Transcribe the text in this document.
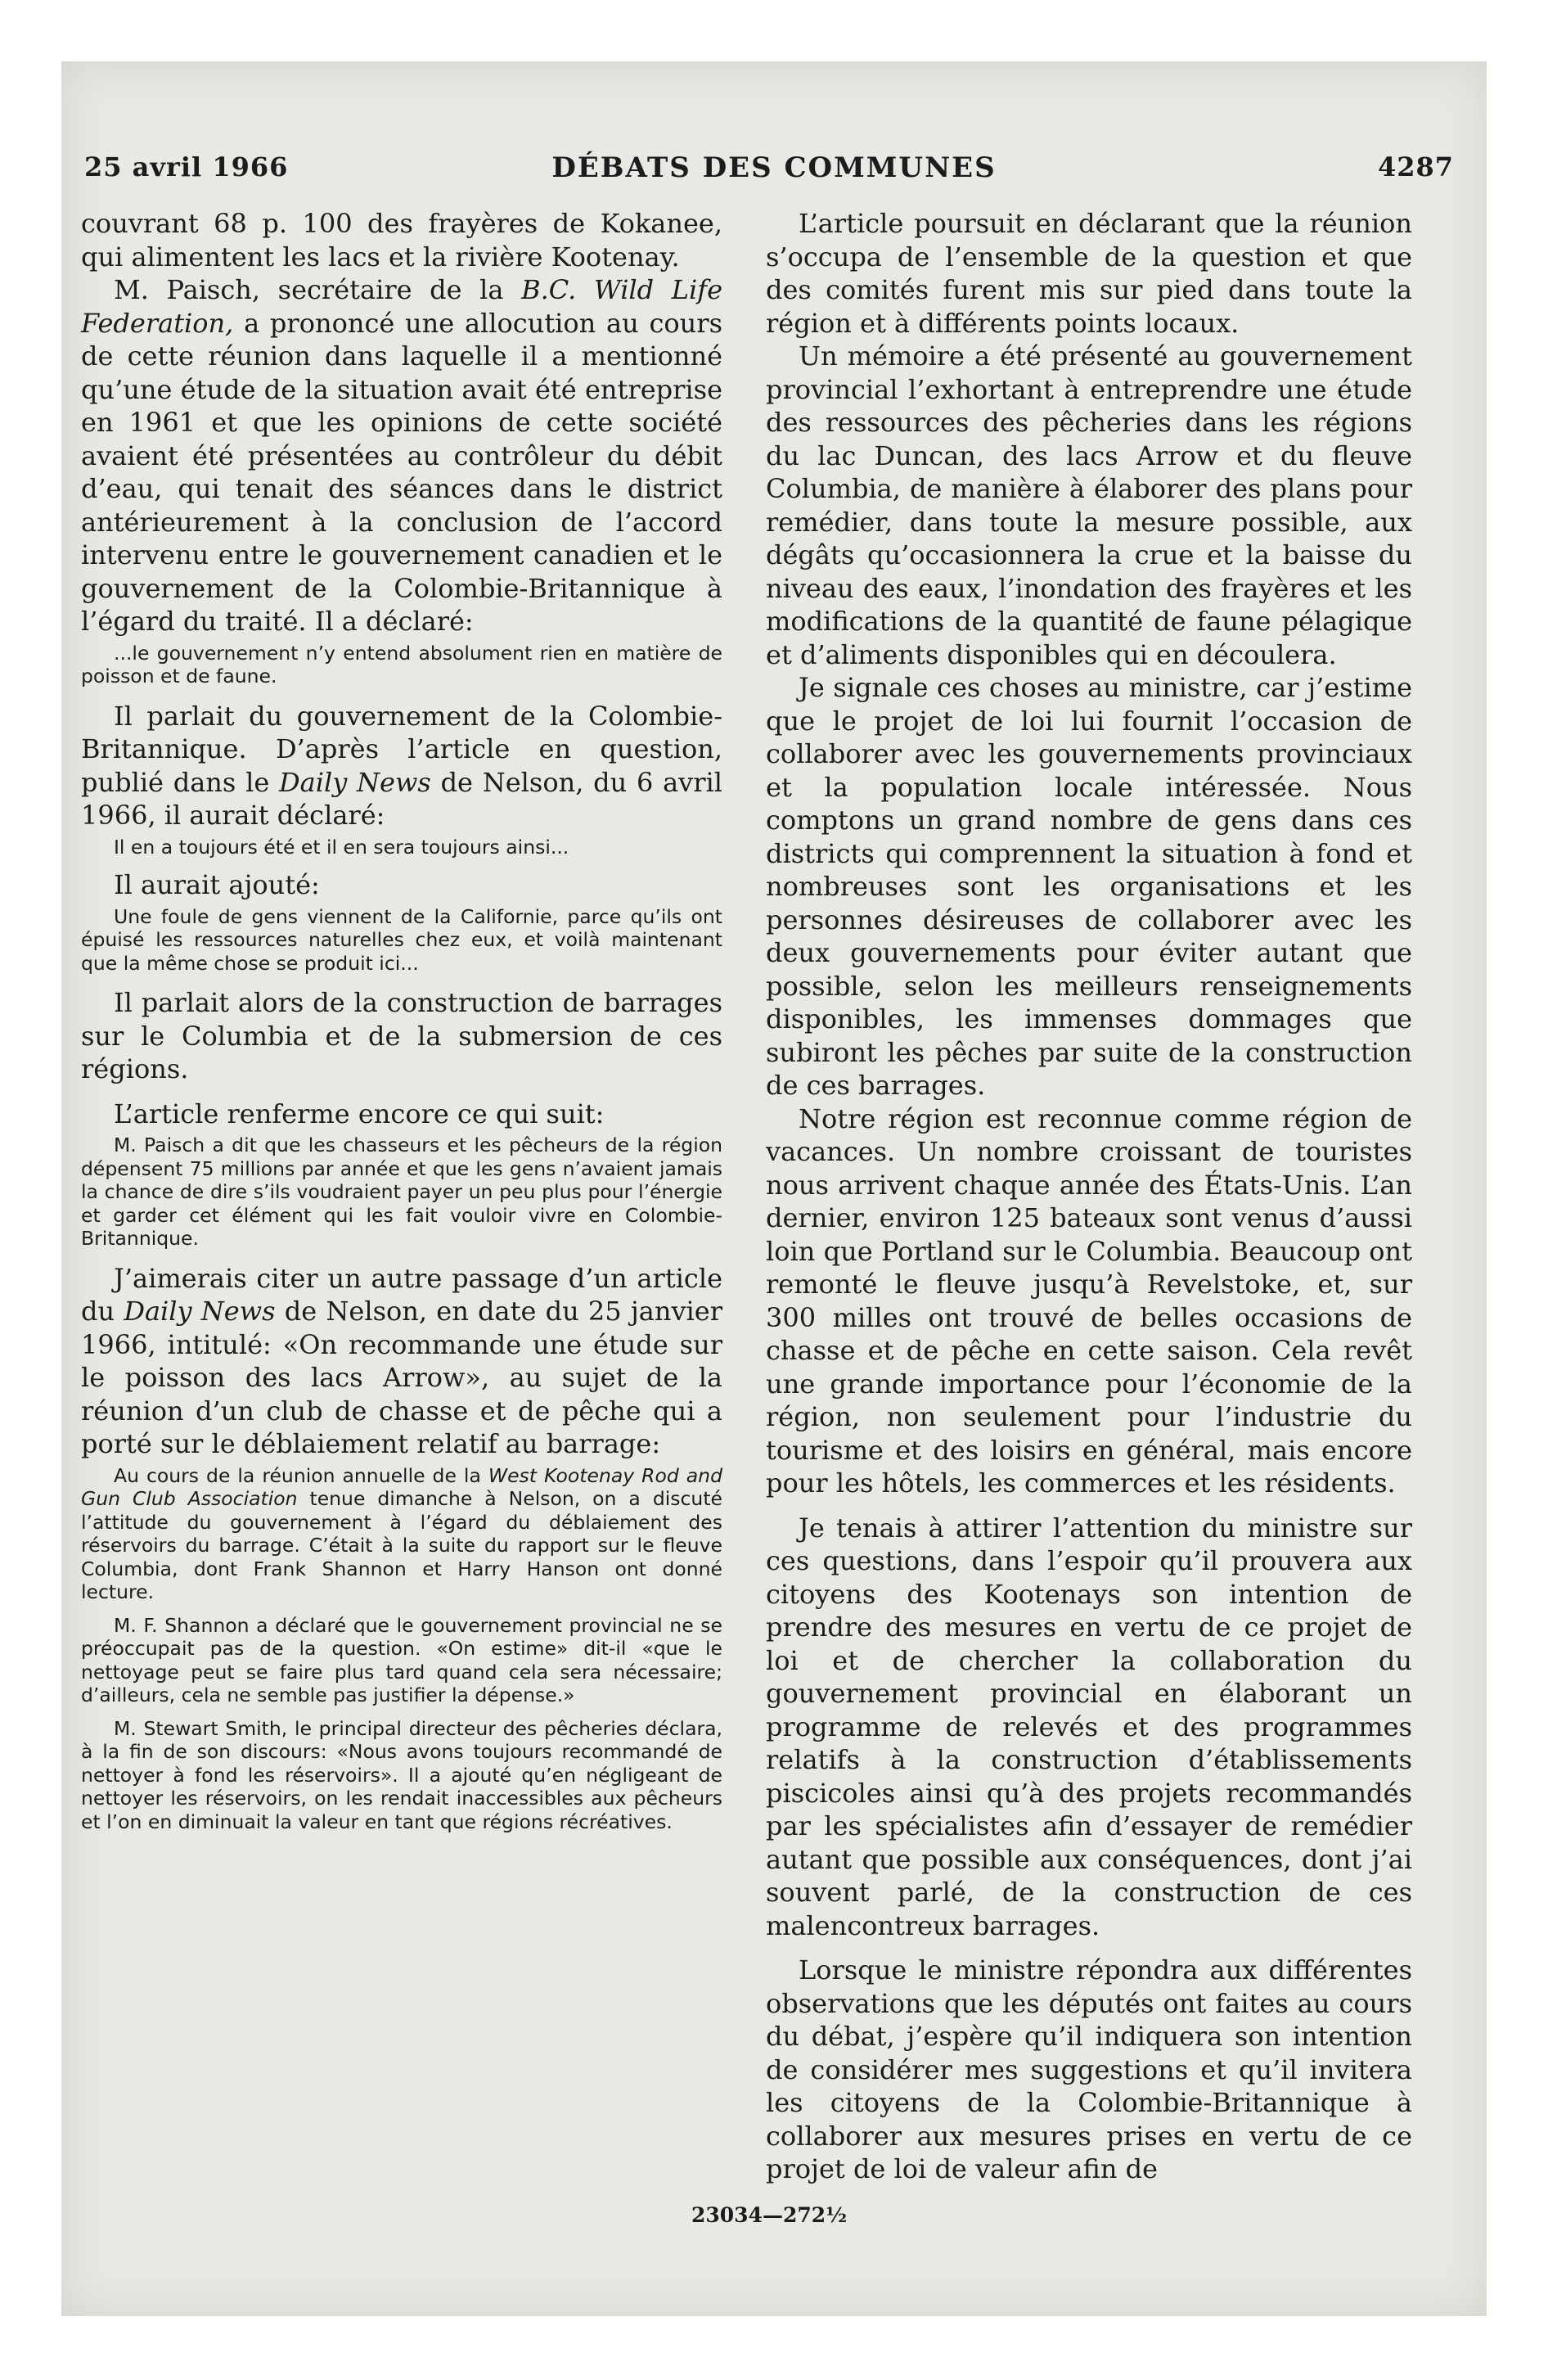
25 avril 1966	DÉBATS DES COMMUNES	4287

couvrant 68 p. 100 des frayères de Kokanee, qui alimentent les lacs et la rivière Kootenay.

M. Paisch, secrétaire de la B.C. Wild Life Federation, a prononcé une allocution au cours de cette réunion dans laquelle il a mentionné qu’une étude de la situation avait été entreprise en 1961 et que les opinions de cette société avaient été présentées au contrôleur du débit d’eau, qui tenait des séances dans le district antérieurement à la conclusion de l’accord intervenu entre le gouvernement canadien et le gouvernement de la Colombie-Britannique à l’égard du traité. Il a déclaré:

...le gouvernement n’y entend absolument rien en matière de poisson et de faune.

Il parlait du gouvernement de la Colombie-Britannique. D’après l’article en question, publié dans le Daily News de Nelson, du 6 avril 1966, il aurait déclaré:

Il en a toujours été et il en sera toujours ainsi...

Il aurait ajouté:

Une foule de gens viennent de la Californie, parce qu’ils ont épuisé les ressources naturelles chez eux, et voilà maintenant que la même chose se produit ici...

Il parlait alors de la construction de barrages sur le Columbia et de la submersion de ces régions.

L’article renferme encore ce qui suit:

M. Paisch a dit que les chasseurs et les pêcheurs de la région dépensent 75 millions par année et que les gens n’avaient jamais la chance de dire s’ils voudraient payer un peu plus pour l’énergie et garder cet élément qui les fait vouloir vivre en Colombie-Britannique.

J’aimerais citer un autre passage d’un article du Daily News de Nelson, en date du 25 janvier 1966, intitulé: «On recommande une étude sur le poisson des lacs Arrow», au sujet de la réunion d’un club de chasse et de pêche qui a porté sur le déblaiement relatif au barrage:

Au cours de la réunion annuelle de la West Kootenay Rod and Gun Club Association tenue dimanche à Nelson, on a discuté l’attitude du gouvernement à l’égard du déblaiement des réservoirs du barrage. C’était à la suite du rapport sur le fleuve Columbia, dont Frank Shannon et Harry Hanson ont donné lecture.

M. F. Shannon a déclaré que le gouvernement provincial ne se préoccupait pas de la question. «On estime» dit-il «que le nettoyage peut se faire plus tard quand cela sera nécessaire; d’ailleurs, cela ne semble pas justifier la dépense.»

M. Stewart Smith, le principal directeur des pêcheries déclara, à la fin de son discours: «Nous avons toujours recommandé de nettoyer à fond les réservoirs». Il a ajouté qu’en négligeant de nettoyer les réservoirs, on les rendait inaccessibles aux pêcheurs et l’on en diminuait la valeur en tant que régions récréatives.

L’article poursuit en déclarant que la réunion s’occupa de l’ensemble de la question et que des comités furent mis sur pied dans toute la région et à différents points locaux.

Un mémoire a été présenté au gouvernement provincial l’exhortant à entreprendre une étude des ressources des pêcheries dans les régions du lac Duncan, des lacs Arrow et du fleuve Columbia, de manière à élaborer des plans pour remédier, dans toute la mesure possible, aux dégâts qu’occasionnera la crue et la baisse du niveau des eaux, l’inondation des frayères et les modifications de la quantité de faune pélagique et d’aliments disponibles qui en découlera.

Je signale ces choses au ministre, car j’estime que le projet de loi lui fournit l’occasion de collaborer avec les gouvernements provinciaux et la population locale intéressée. Nous comptons un grand nombre de gens dans ces districts qui comprennent la situation à fond et nombreuses sont les organisations et les personnes désireuses de collaborer avec les deux gouvernements pour éviter autant que possible, selon les meilleurs renseignements disponibles, les immenses dommages que subiront les pêches par suite de la construction de ces barrages.

Notre région est reconnue comme région de vacances. Un nombre croissant de touristes nous arrivent chaque année des États-Unis. L’an dernier, environ 125 bateaux sont venus d’aussi loin que Portland sur le Columbia. Beaucoup ont remonté le fleuve jusqu’à Revelstoke, et, sur 300 milles ont trouvé de belles occasions de chasse et de pêche en cette saison. Cela revêt une grande importance pour l’économie de la région, non seulement pour l’industrie du tourisme et des loisirs en général, mais encore pour les hôtels, les commerces et les résidents.

Je tenais à attirer l’attention du ministre sur ces questions, dans l’espoir qu’il prouvera aux citoyens des Kootenays son intention de prendre des mesures en vertu de ce projet de loi et de chercher la collaboration du gouvernement provincial en élaborant un programme de relevés et des programmes relatifs à la construction d’établissements piscicoles ainsi qu’à des projets recommandés par les spécialistes afin d’essayer de remédier autant que possible aux conséquences, dont j’ai souvent parlé, de la construction de ces malencontreux barrages.

Lorsque le ministre répondra aux différentes observations que les députés ont faites au cours du débat, j’espère qu’il indiquera son intention de considérer mes suggestions et qu’il invitera les citoyens de la Colombie-Britannique à collaborer aux mesures prises en vertu de ce projet de loi de valeur afin de

23034—272½
